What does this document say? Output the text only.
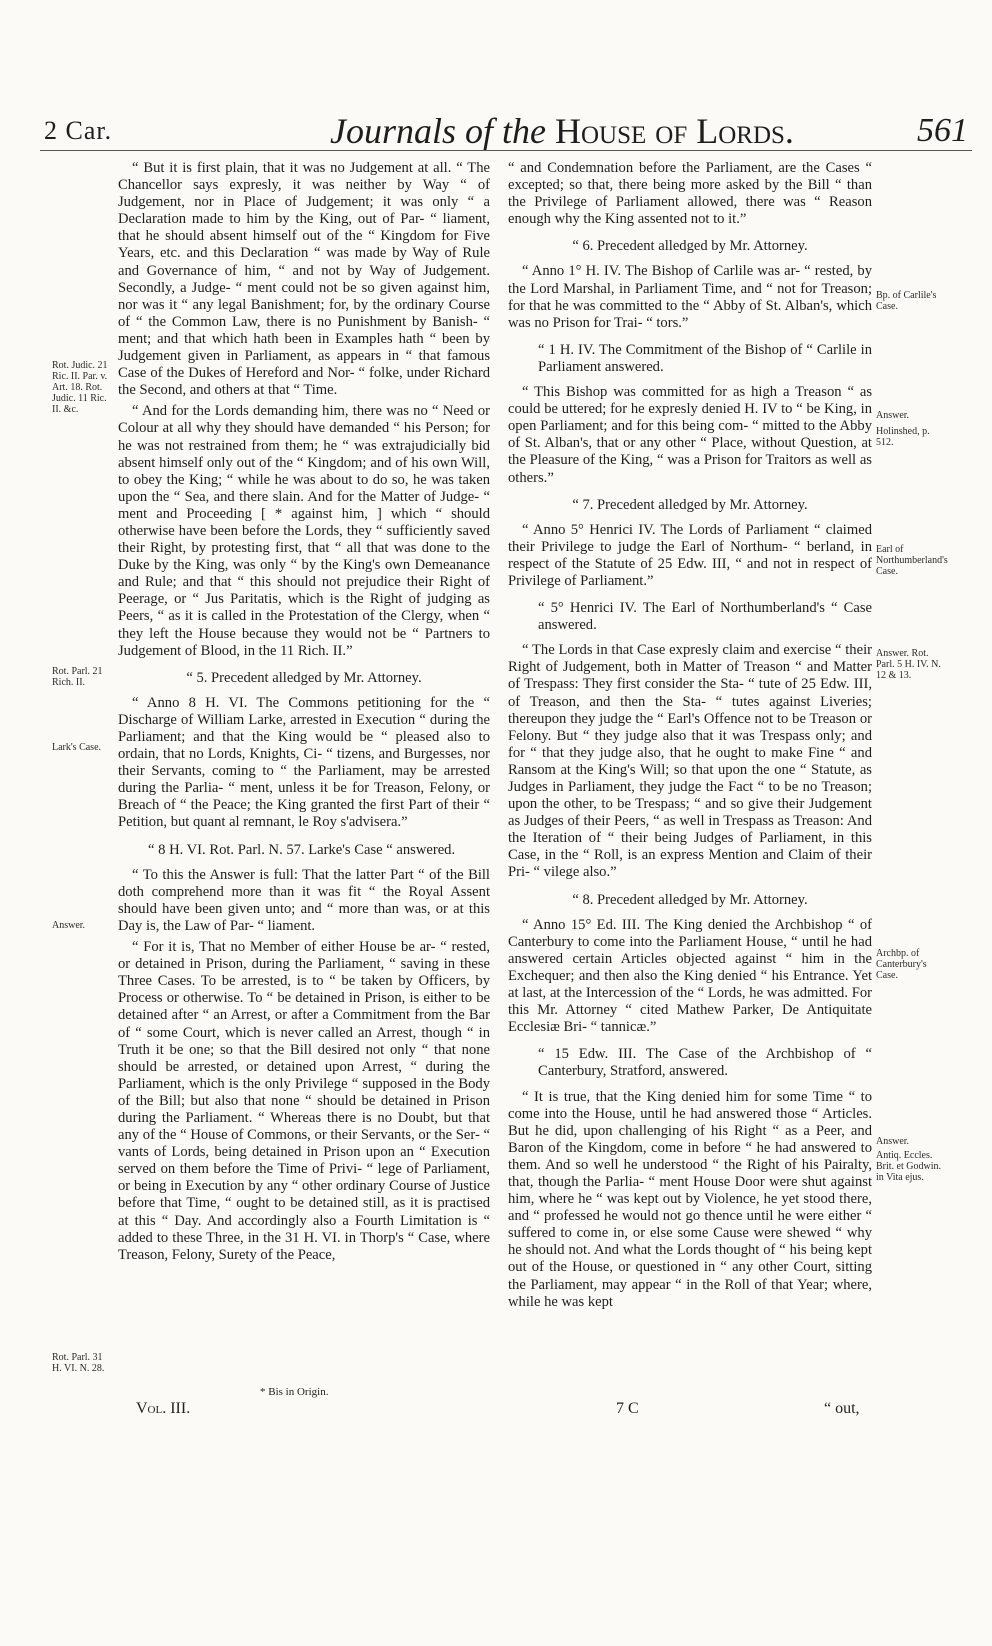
2 Car.	Journals of the House of Lords.	561

“ But it is first plain, that it was no Judgement at all. “ The Chancellor says expresly, it was neither by Way “ of Judgement, nor in Place of Judgement; it was only “ a Declaration made to him by the King, out of Par- “ liament, that he should absent himself out of the “ Kingdom for Five Years, etc. and this Declaration “ was made by Way of Rule and Governance of him, “ and not by Way of Judgement. Secondly, a Judge- “ ment could not be so given against him, nor was it “ any legal Banishment; for, by the ordinary Course of “ the Common Law, there is no Punishment by Banish- “ ment; and that which hath been in Examples hath “ been by Judgement given in Parliament, as appears in “ that famous Case of the Dukes of Hereford and Nor- “ folke, under Richard the Second, and others at that “ Time.

“ And for the Lords demanding him, there was no “ Need or Colour at all why they should have demanded “ his Person; for he was not restrained from them; he “ was extrajudicially bid absent himself only out of the “ Kingdom; and of his own Will, to obey the King; “ while he was about to do so, he was taken upon the “ Sea, and there slain. And for the Matter of Judge- “ ment and Proceeding [ * against him, ] which “ should otherwise have been before the Lords, they “ sufficiently saved their Right, by protesting first, that “ all that was done to the Duke by the King, was only “ by the King's own Demeanance and Rule; and that “ this should not prejudice their Right of Peerage, or “ Jus Paritatis, which is the Right of judging as Peers, “ as it is called in the Protestation of the Clergy, when “ they left the House because they would not be “ Partners to Judgement of Blood, in the 11 Rich. II.”

“ 5. Precedent alledged by Mr. Attorney.

“ Anno 8 H. VI. The Commons petitioning for the “ Discharge of William Larke, arrested in Execution “ during the Parliament; and that the King would be “ pleased also to ordain, that no Lords, Knights, Ci- “ tizens, and Burgesses, nor their Servants, coming to “ the Parliament, may be arrested during the Parlia- “ ment, unless it be for Treason, Felony, or Breach of “ the Peace; the King granted the first Part of their “ Petition, but quant al remnant, le Roy s'advisera.”

“ 8 H. VI. Rot. Parl. N. 57. Larke's Case “ answered.

“ To this the Answer is full: That the latter Part “ of the Bill doth comprehend more than it was fit “ the Royal Assent should have been given unto; and “ more than was, or at this Day is, the Law of Par- “ liament.

“ For it is, That no Member of either House be ar- “ rested, or detained in Prison, during the Parliament, “ saving in these Three Cases. To be arrested, is to “ be taken by Officers, by Process or otherwise. To “ be detained in Prison, is either to be detained after “ an Arrest, or after a Commitment from the Bar of “ some Court, which is never called an Arrest, though “ in Truth it be one; so that the Bill desired not only “ that none should be arrested, or detained upon Arrest, “ during the Parliament, which is the only Privilege “ supposed in the Body of the Bill; but also that none “ should be detained in Prison during the Parliament. “ Whereas there is no Doubt, but that any of the “ House of Commons, or their Servants, or the Ser- “ vants of Lords, being detained in Prison upon an “ Execution served on them before the Time of Privi- “ lege of Parliament, or being in Execution by any “ other ordinary Course of Justice before that Time, “ ought to be detained still, as it is practised at this “ Day. And accordingly also a Fourth Limitation is “ added to these Three, in the 31 H. VI. in Thorp's “ Case, where Treason, Felony, Surety of the Peace,

“ and Condemnation before the Parliament, are the Cases “ excepted; so that, there being more asked by the Bill “ than the Privilege of Parliament allowed, there was “ Reason enough why the King assented not to it.”

“ 6. Precedent alledged by Mr. Attorney.

“ Anno 1° H. IV. The Bishop of Carlile was ar- “ rested, by the Lord Marshal, in Parliament Time, and “ not for Treason; for that he was committed to the “ Abby of St. Alban's, which was no Prison for Trai- “ tors.”

“ 1 H. IV. The Commitment of the Bishop of “ Carlile in Parliament answered.

“ This Bishop was committed for as high a Treason “ as could be uttered; for he expresly denied H. IV to “ be King, in open Parliament; and for this being com- “ mitted to the Abby of St. Alban's, that or any other “ Place, without Question, at the Pleasure of the King, “ was a Prison for Traitors as well as others.”

“ 7. Precedent alledged by Mr. Attorney.

“ Anno 5° Henrici IV. The Lords of Parliament “ claimed their Privilege to judge the Earl of Northum- “ berland, in respect of the Statute of 25 Edw. III, “ and not in respect of Privilege of Parliament.”

“ 5° Henrici IV. The Earl of Northumberland's “ Case answered.

“ The Lords in that Case expresly claim and exercise “ their Right of Judgement, both in Matter of Treason “ and Matter of Trespass: They first consider the Sta- “ tute of 25 Edw. III, of Treason, and then the Sta- “ tutes against Liveries; thereupon they judge the “ Earl's Offence not to be Treason or Felony. But “ they judge also that it was Trespass only; and for “ that they judge also, that he ought to make Fine “ and Ransom at the King's Will; so that upon the one “ Statute, as Judges in Parliament, they judge the Fact “ to be no Treason; upon the other, to be Trespass; “ and so give their Judgement as Judges of their Peers, “ as well in Trespass as Treason: And the Iteration of “ their being Judges of Parliament, in this Case, in the “ Roll, is an express Mention and Claim of their Pri- “ vilege also.”

“ 8. Precedent alledged by Mr. Attorney.

“ Anno 15° Ed. III. The King denied the Archbishop “ of Canterbury to come into the Parliament House, “ until he had answered certain Articles objected against “ him in the Exchequer; and then also the King denied “ his Entrance. Yet at last, at the Intercession of the “ Lords, he was admitted. For this Mr. Attorney “ cited Mathew Parker, De Antiquitate Ecclesiæ Bri- “ tannicæ.”

“ 15 Edw. III. The Case of the Archbishop of “ Canterbury, Stratford, answered.

“ It is true, that the King denied him for some Time “ to come into the House, until he had answered those “ Articles. But he did, upon challenging of his Right “ as a Peer, and Baron of the Kingdom, come in before “ he had answered to them. And so well he understood “ the Right of his Pairalty, that, though the Parlia- “ ment House Door were shut against him, where he “ was kept out by Violence, he yet stood there, and “ professed he would not go thence until he were either “ suffered to come in, or else some Cause were shewed “ why he should not. And what the Lords thought of “ his being kept out of the House, or questioned in “ any other Court, sitting the Parliament, may appear “ in the Roll of that Year; where, while he was kept

Rot. Judic. 21 Ric. II. Par. v. Art. 18. Rot. Judic. 11 Ric. II. &c.
Rot. Parl. 21 Rich. II.
Lark's Case.
Answer.
Rot. Parl. 31 H. VI. N. 28.
Bp. of Carlile's Case.
Answer.
Holinshed, p. 512.
Earl of Northumberland's Case.
Answer. Rot. Parl. 5 H. IV. N. 12 & 13.
Archbp. of Canterbury's Case.
Answer.
Antiq. Eccles. Brit. et Godwin. in Vita ejus.
* Bis in Origin.
Vol. III.	7 C	“ out,
